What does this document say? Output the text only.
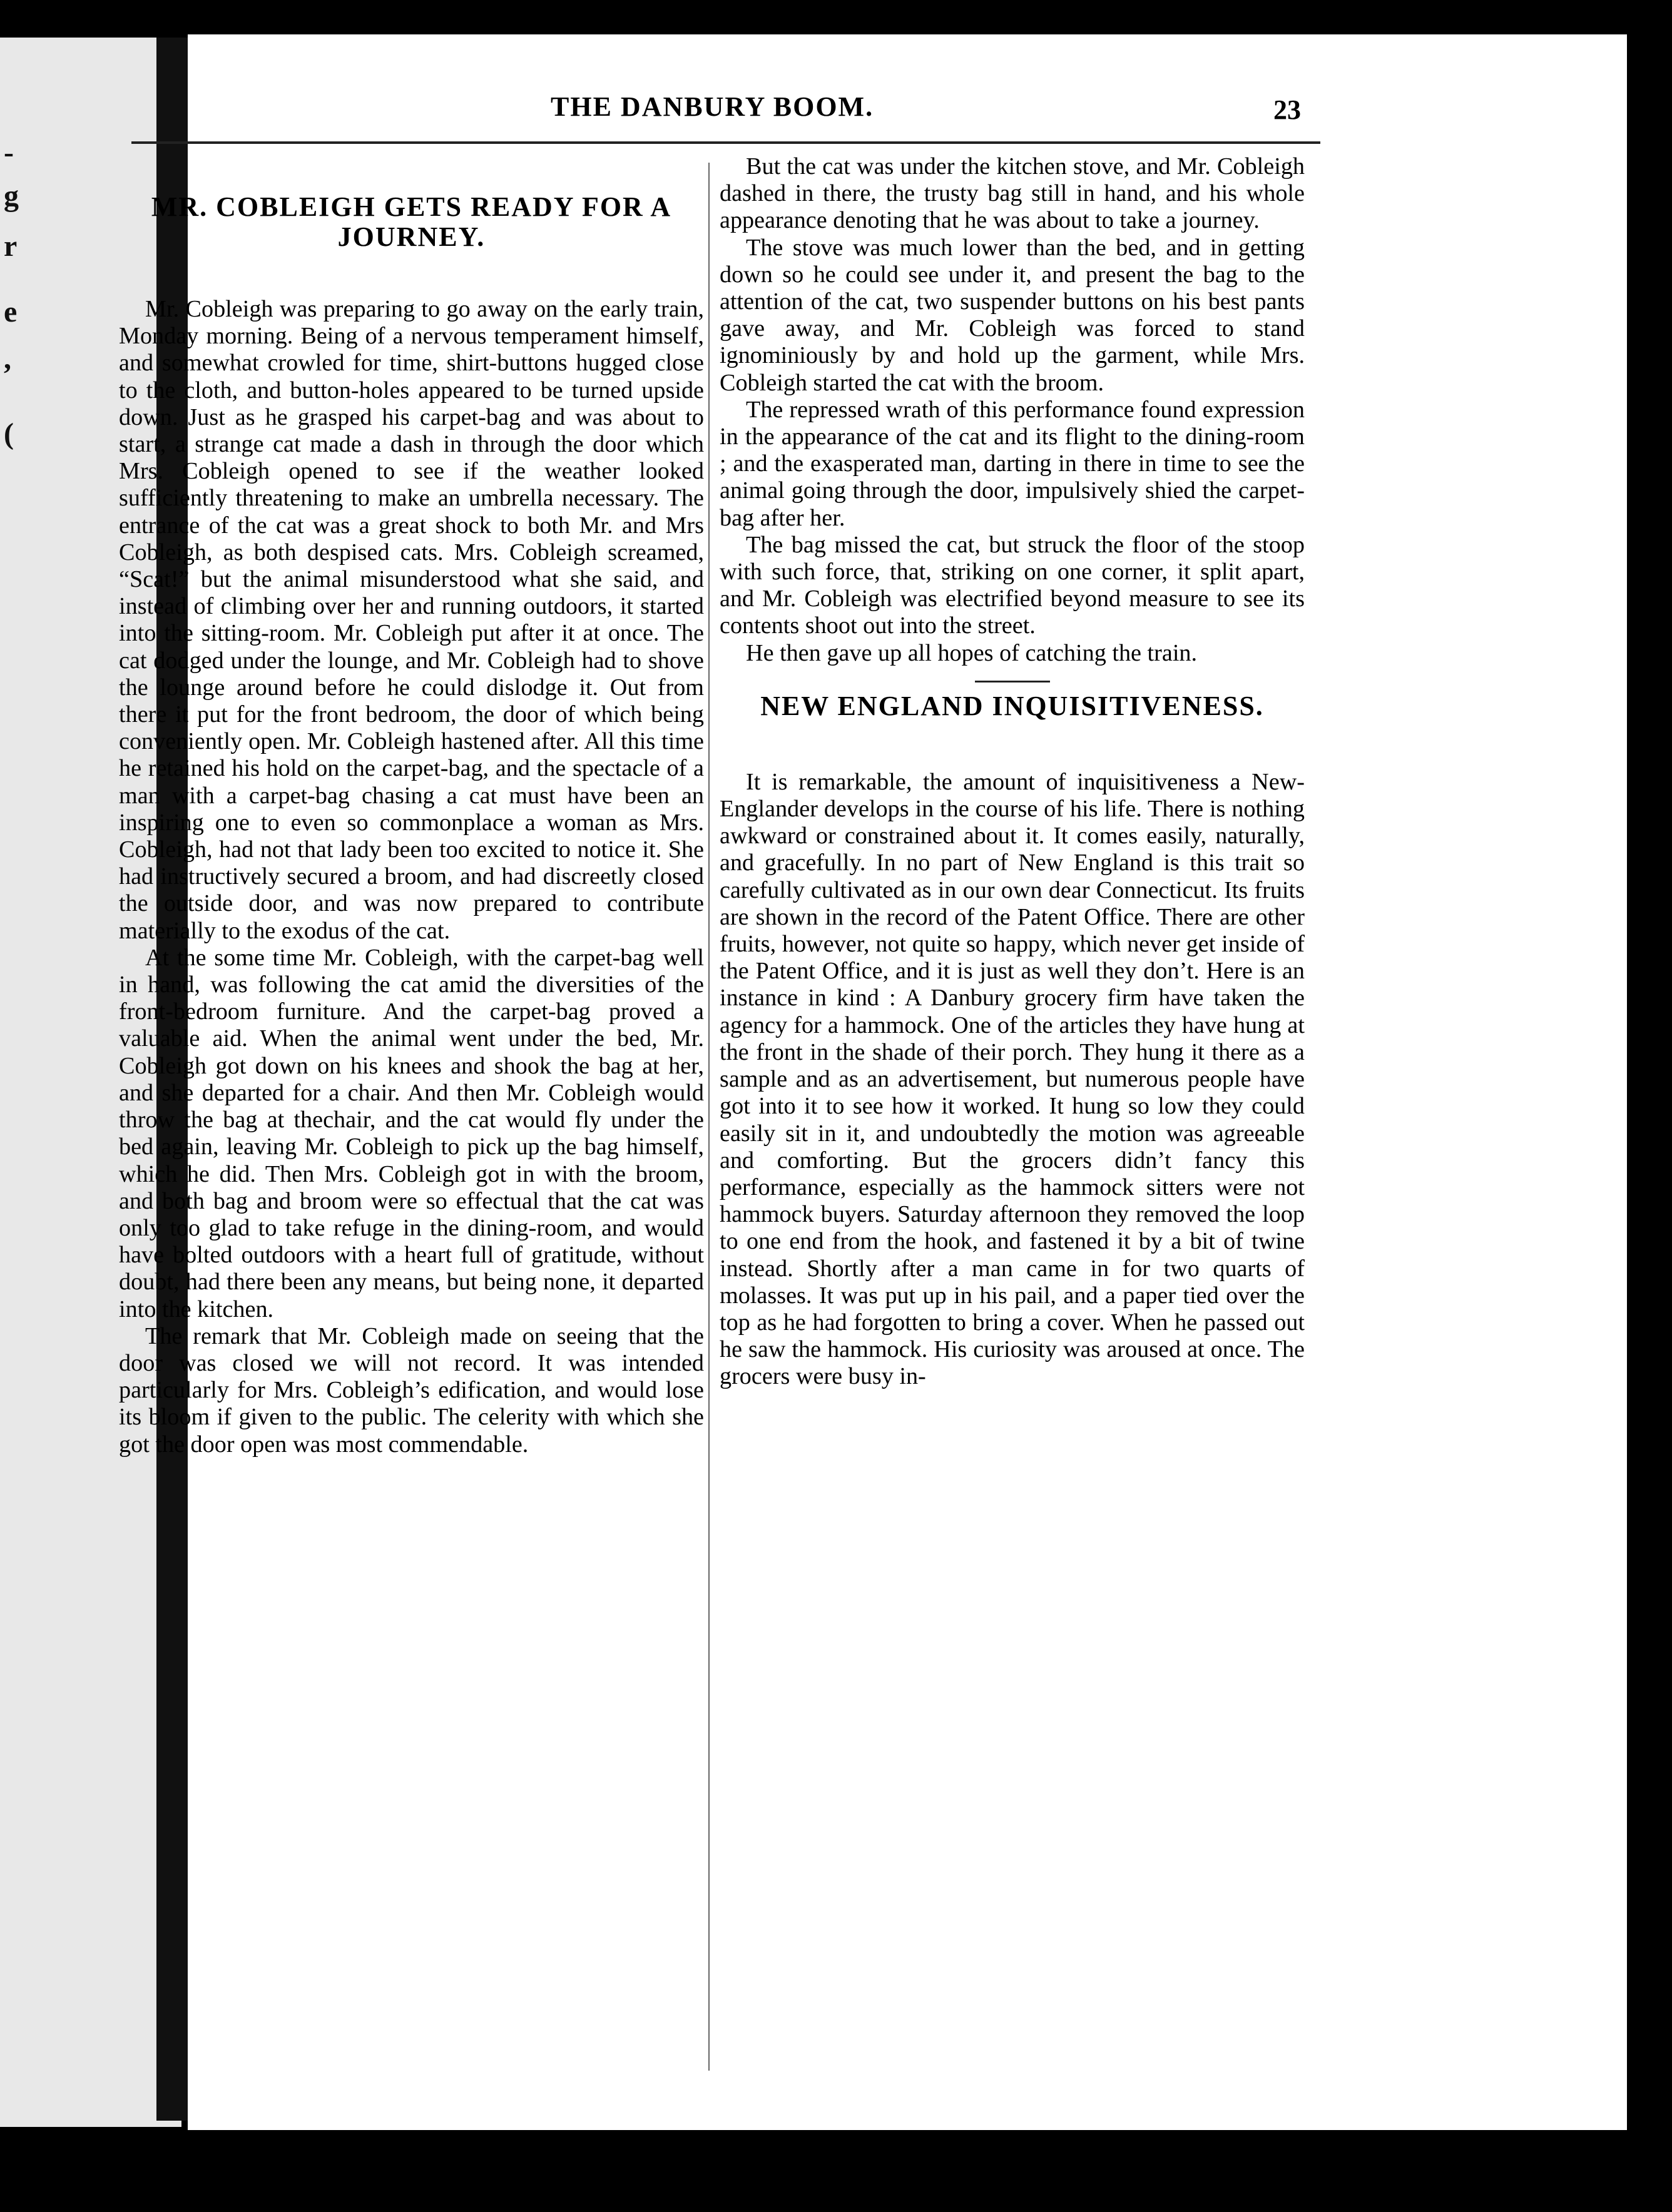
-
g
r
e
,
(
THE DANBURY BOOM.	23
MR. COBLEIGH GETS READY FOR A JOURNEY.

Mr. Cobleigh was preparing to go away on the early train, Monday morning. Being of a nervous temperament himself, and somewhat crowled for time, shirt-buttons hugged close to the cloth, and button-holes appeared to be turned upside down. Just as he grasped his carpet-bag and was about to start, a strange cat made a dash in through the door which Mrs. Cobleigh opened to see if the weather looked sufficiently threatening to make an umbrella necessary. The entrance of the cat was a great shock to both Mr. and Mrs Cobleigh, as both despised cats. Mrs. Cobleigh screamed, “Scat!” but the animal misunderstood what she said, and instead of climbing over her and running outdoors, it started into the sitting-room. Mr. Cobleigh put after it at once. The cat dodged under the lounge, and Mr. Cobleigh had to shove the lounge around before he could dislodge it. Out from there it put for the front bedroom, the door of which being conveniently open. Mr. Cobleigh hastened after. All this time he retained his hold on the carpet-bag, and the spectacle of a man with a carpet-bag chasing a cat must have been an inspiring one to even so commonplace a woman as Mrs. Cobleigh, had not that lady been too excited to notice it. She had instructively secured a broom, and had discreetly closed the outside door, and was now prepared to contribute materially to the exodus of the cat.

At the some time Mr. Cobleigh, with the carpet-bag well in hand, was following the cat amid the diversities of the front-bedroom furniture. And the carpet-bag proved a valuable aid. When the animal went under the bed, Mr. Cobleigh got down on his knees and shook the bag at her, and she departed for a chair. And then Mr. Cobleigh would throw the bag at thechair, and the cat would fly under the bed again, leaving Mr. Cobleigh to pick up the bag himself, which he did. Then Mrs. Cobleigh got in with the broom, and both bag and broom were so effectual that the cat was only too glad to take refuge in the dining-room, and would have bolted outdoors with a heart full of gratitude, without doubt, had there been any means, but being none, it departed into the kitchen.

The remark that Mr. Cobleigh made on seeing that the door was closed we will not record. It was intended particularly for Mrs. Cobleigh’s edification, and would lose its bloom if given to the public. The celerity with which she got the door open was most commendable.

But the cat was under the kitchen stove, and Mr. Cobleigh dashed in there, the trusty bag still in hand, and his whole appearance denoting that he was about to take a journey.

The stove was much lower than the bed, and in getting down so he could see under it, and present the bag to the attention of the cat, two suspender buttons on his best pants gave away, and Mr. Cobleigh was forced to stand ignominiously by and hold up the garment, while Mrs. Cobleigh started the cat with the broom.

The repressed wrath of this performance found expression in the appearance of the cat and its flight to the dining-room ; and the exasperated man, darting in there in time to see the animal going through the door, impulsively shied the carpet-bag after her.

The bag missed the cat, but struck the floor of the stoop with such force, that, striking on one corner, it split apart, and Mr. Cobleigh was electrified beyond measure to see its contents shoot out into the street.

He then gave up all hopes of catching the train.

NEW ENGLAND INQUISITIVENESS.

It is remarkable, the amount of inquisitiveness a New-Englander develops in the course of his life. There is nothing awkward or constrained about it. It comes easily, naturally, and gracefully. In no part of New England is this trait so carefully cultivated as in our own dear Connecticut. Its fruits are shown in the record of the Patent Office. There are other fruits, however, not quite so happy, which never get inside of the Patent Office, and it is just as well they don’t. Here is an instance in kind : A Danbury grocery firm have taken the agency for a hammock. One of the articles they have hung at the front in the shade of their porch. They hung it there as a sample and as an advertisement, but numerous people have got into it to see how it worked. It hung so low they could easily sit in it, and undoubtedly the motion was agreeable and comforting. But the grocers didn’t fancy this performance, especially as the hammock sitters were not hammock buyers. Saturday afternoon they removed the loop to one end from the hook, and fastened it by a bit of twine instead. Shortly after a man came in for two quarts of molasses. It was put up in his pail, and a paper tied over the top as he had forgotten to bring a cover. When he passed out he saw the hammock. His curiosity was aroused at once. The grocers were busy in-
